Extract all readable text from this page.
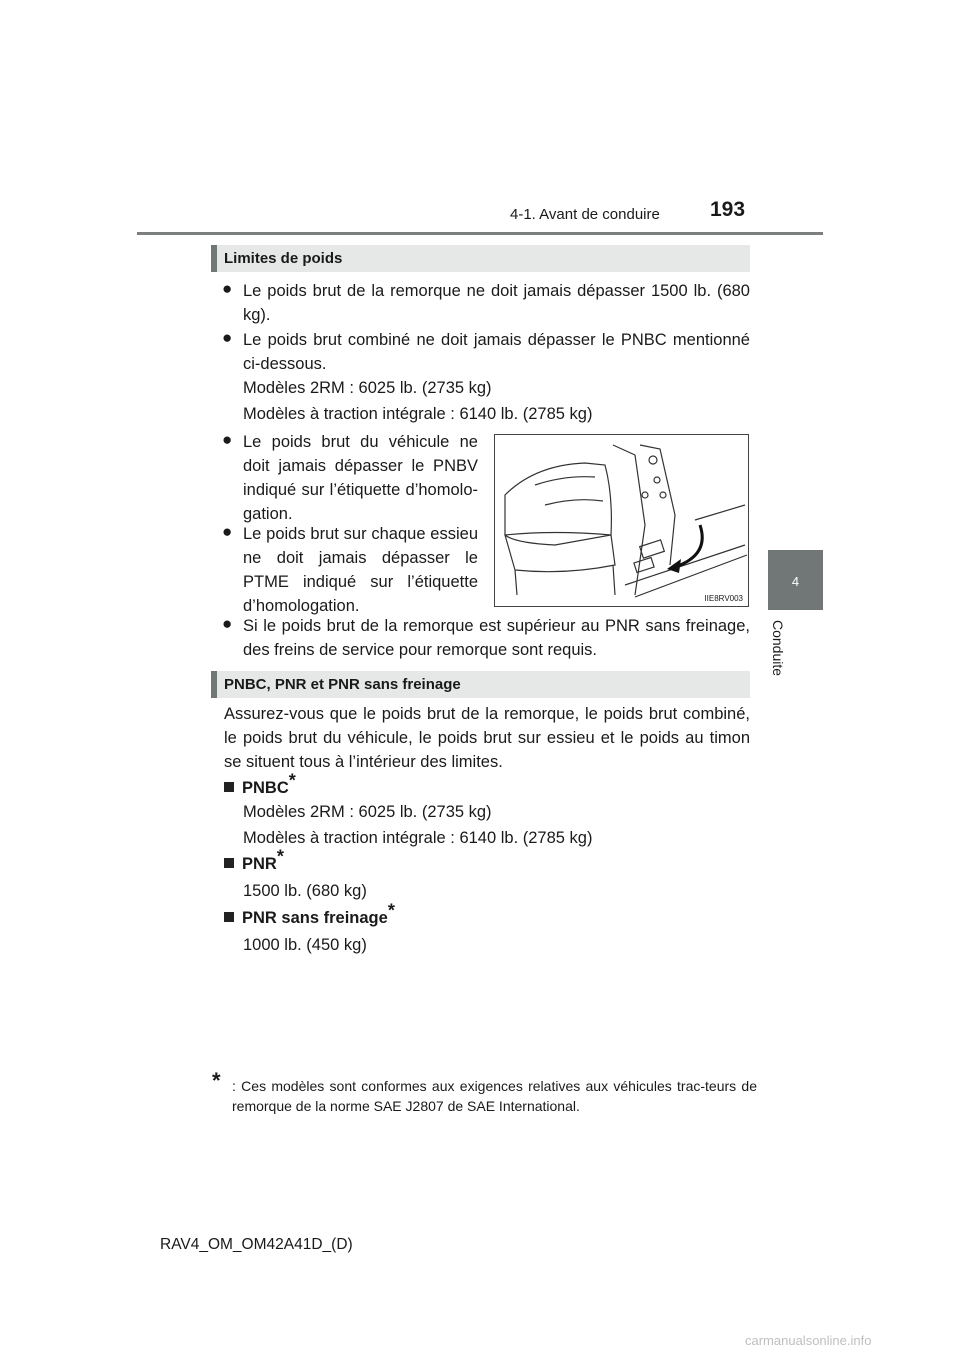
4-1. Avant de conduire 193
4
Conduite
Limites de poids
● Le poids brut de la remorque ne doit jamais dépasser 1500 lb. (680 kg).
● Le poids brut combiné ne doit jamais dépasser le PNBC mentionné ci-dessous.
Modèles 2RM : 6025 lb. (2735 kg)
Modèles à traction intégrale : 6140 lb. (2785 kg)
● Le poids brut du véhicule ne doit jamais dépasser le PNBV indiqué sur l’étiquette d’homolo-gation.
● Le poids brut sur chaque essieu ne doit jamais dépasser le PTME indiqué sur l’étiquette d’homologation.	IIE8RV003
● Si le poids brut de la remorque est supérieur au PNR sans freinage, des freins de service pour remorque sont requis.
PNBC, PNR et PNR sans freinage
Assurez-vous que le poids brut de la remorque, le poids brut combiné, le poids brut du véhicule, le poids brut sur essieu et le poids au timon se situent tous à l’intérieur des limites.
PNBC*
Modèles 2RM : 6025 lb. (2735 kg)
Modèles à traction intégrale : 6140 lb. (2785 kg)
PNR*
1500 lb. (680 kg)
PNR sans freinage*
1000 lb. (450 kg)
* : Ces modèles sont conformes aux exigences relatives aux véhicules trac-teurs de remorque de la norme SAE J2807 de SAE International.
RAV4_OM_OM42A41D_(D)
carmanualsonline.info
